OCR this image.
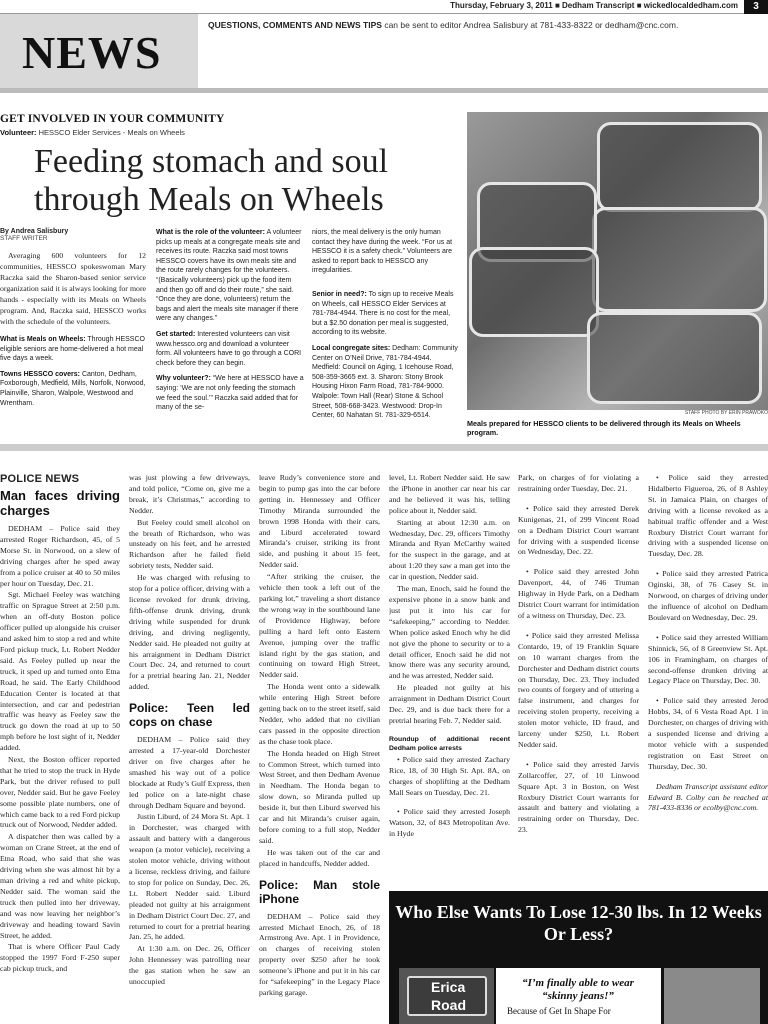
Thursday, February 3, 2011 ■ Dedham Transcript ■ wickedlocaldedham.com	3
NEWS
QUESTIONS, COMMENTS AND NEWS TIPS can be sent to editor Andrea Salisbury at 781-433-8322 or dedham@cnc.com.
GET INVOLVED IN YOUR COMMUNITY
Volunteer: HESSCO Elder Services - Meals on Wheels
Feeding stomach and soul through Meals on Wheels
STAFF PHOTO BY ERIN PRAWOKO
Meals prepared for HESSCO clients to be delivered through its Meals on Wheels program.
By Andrea Salisbury
STAFF WRITER
Averaging 600 volunteers for 12 communities, HESSCO spokeswoman Mary Raczka said the Sharon-based senior service organization said it is always looking for more hands - especially with its Meals on Wheels program. And, Raczka said, HESSCO works with the schedule of the volunteers.

What is Meals on Wheels: Through HESSCO eligible seniors are home-delivered a hot meal five days a week.

Towns HESSCO covers: Canton, Dedham, Foxborough, Medfield, Mills, Norfolk, Norwood, Plainville, Sharon, Walpole, Westwood and Wrentham.

What is the role of the volunteer: A volunteer picks up meals at a congregate meals site and receives its route. Raczka said most towns HESSCO covers have its own meals site and the route rarely changes for the volunteers. “(Basically volunteers) pick up the food item and then go off and do their route,” she said. “Once they are done, volunteers) return the bags and alert the meals site manager if there were any changes.”

Get started: Interested volunteers can visit www.hessco.org and download a volunteer form. All volunteers have to go through a CORI check before they can begin.

Why volunteer?: “We here at HESSCO have a saying: ‘We are not only feeding the stomach we feed the soul.’” Raczka said added that for many of the se-

niors, the meal delivery is the only human contact they have during the week. “For us at HESSCO it is a safety check.” Volunteers are asked to report back to HESSCO any irregularities.

Senior in need?: To sign up to receive Meals on Wheels, call HESSCO Elder Services at 781-784-4944. There is no cost for the meal, but a $2.50 donation per meal is suggested, according to its website.

Local congregate sites: Dedham: Community Center on O’Neil Drive, 781-784-4944. Medfield: Council on Aging, 1 Icehouse Road, 508-359-3665 ext. 3. Sharon: Stony Brook Housing Hixon Farm Road, 781-784-9000. Walpole: Town Hall (Rear) Stone & School Street, 508-668-3423. Westwood: Drop-In Center, 60 Nahatan St. 781-329-6514.

POLICE NEWS
Man faces driving charges

DEDHAM – Police said they arrested Roger Richardson, 45, of 5 Morse St. in Norwood, on a slew of driving charges after he sped away from a police cruiser at 40 to 50 miles per hour on Tuesday, Dec. 21.

Sgt. Michael Feeley was watching traffic on Sprague Street at 2:50 p.m. when an off-duty Boston police officer pulled up alongside his cruiser and asked him to stop a red and white Ford pickup truck, Lt. Robert Nedder said. As Feeley pulled up near the truck, it sped up and turned onto Etna Road, he said. The Early Childhood Education Center is located at that intersection, and car and pedestrian traffic was heavy as Feeley saw the truck go down the road at up to 50 mph before he lost sight of it, Nedder added.

Next, the Boston officer reported that he tried to stop the truck in Hyde Park, but the driver refused to pull over, Nedder said. But he gave Feeley some possible plate numbers, one of which came back to a red Ford pickup truck out of Norwood, Nedder added.

A dispatcher then was called by a woman on Crane Street, at the end of Etna Road, who said that she was driving when she was almost hit by a man driving a red and white pickup, Nedder said. The woman said the truck then pulled into her driveway, and was now leaving her neighbor’s driveway and heading toward Savin Street, he added.

That is where Officer Paul Cady stopped the 1997 Ford F-250 super cab pickup truck, and

was just plowing a few driveways, and told police, “Come on, give me a break, it’s Christmas,” according to Nedder.

But Feeley could smell alcohol on the breath of Richardson, who was unsteady on his feet, and he arrested Richardson after he failed field sobriety tests, Nedder said.

He was charged with refusing to stop for a police officer, driving with a license revoked for drunk driving, fifth-offense drunk driving, drunk driving while suspended for drunk driving, and driving negligently, Nedder said. He pleaded not guilty at his arraignment in Dedham District Court Dec. 24, and returned to court for a pretrial hearing Jan. 21, Nedder added.

Police: Teen led cops on chase

DEDHAM – Police said they arrested a 17-year-old Dorchester driver on five charges after he smashed his way out of a police blockade at Rudy’s Gulf Express, then led police on a late-night chase through Dedham Square and beyond.

Justin Liburd, of 24 Mora St. Apt. 1 in Dorchester, was charged with assault and battery with a dangerous weapon (a motor vehicle), receiving a stolen motor vehicle, driving without a license, reckless driving, and failure to stop for police on Sunday, Dec. 26, Lt. Robert Nedder said. Liburd pleaded not guilty at his arraignment in Dedham District Court Dec. 27, and returned to court for a pretrial hearing Jan. 25, he added.

At 1:30 a.m. on Dec. 26, Officer John Hennessey was patrolling near the gas station when he saw an unoccupied

leave Rudy’s convenience store and begin to pump gas into the car before getting in. Hennessey and Officer Timothy Miranda surrounded the brown 1998 Honda with their cars, and Liburd accelerated toward Miranda’s cruiser, striking its front side, and pushing it about 15 feet, Nedder said.

“After striking the cruiser, the vehicle then took a left out of the parking lot,” traveling a short distance the wrong way in the southbound lane of Providence Highway, before pulling a hard left onto Eastern Avenue, jumping over the traffic island right by the gas station, and continuing on toward High Street, Nedder said.

The Honda went onto a sidewalk while entering High Street before getting back on to the street itself, said Nedder, who added that no civilian cars passed in the opposite direction as the chase took place.

The Honda headed on High Street to Common Street, which turned into West Street, and then Dedham Avenue in Needham. The Honda began to slow down, so Miranda pulled up beside it, but then Liburd swerved his car and hit Miranda’s cruiser again, before coming to a full stop, Nedder said.

He was taken out of the car and placed in handcuffs, Nedder added.

Police: Man stole iPhone

DEDHAM – Police said they arrested Michael Enoch, 26, of 18 Armstrong Ave. Apt. 1 in Providence, on charges of receiving stolen property over $250 after he took someone’s iPhone and put it in his car for “safekeeping” in the Legacy Place parking garage.

level, Lt. Robert Nedder said. He saw the iPhone in another car near his car and he believed it was his, telling police about it, Nedder said.

Starting at about 12:30 a.m. on Wednesday, Dec. 29, officers Timothy Miranda and Ryan McCarthy waited for the suspect in the garage, and at about 1:20 they saw a man get into the car in question, Nedder said.

The man, Enoch, said he found the expensive phone in a snow bank and just put it into his car for “safekeeping,” according to Nedder. When police asked Enoch why he did not give the phone to security or to a detail officer, Enoch said he did not know there was any security around, and he was arrested, Nedder said.

He pleaded not guilty at his arraignment in Dedham District Court Dec. 29, and is due back there for a pretrial hearing Feb. 7, Nedder said.

Roundup of additional recent Dedham police arrests

• Police said they arrested Zachary Rice, 18, of 30 High St. Apt. 8A, on charges of shoplifting at the Dedham Mall Sears on Tuesday, Dec. 21.

• Police said they arrested Joseph Watson, 32, of 843 Metropolitan Ave. in Hyde

Park, on charges of for violating a restraining order Tuesday, Dec. 21.

• Police said they arrested Derek Kunigenas, 21, of 299 Vincent Road on a Dedham District Court warrant for driving with a suspended license on Wednesday, Dec. 22.

• Police said they arrested John Davenport, 44, of 746 Truman Highway in Hyde Park, on a Dedham District Court warrant for intimidation of a witness on Thursday, Dec. 23.

• Police said they arrested Melissa Contardo, 19, of 19 Franklin Square on 10 warrant charges from the Dorchester and Dedham district courts on Thursday, Dec. 23. They included two counts of forgery and of uttering a false instrument, and charges for receiving stolen property, receiving a stolen motor vehicle, ID fraud, and larceny under $250, Lt. Robert Nedder said.

• Police said they arrested Jarvis Zollarcoffer, 27, of 10 Linwood Square Apt. 3 in Boston, on West Roxbury District Court warrants for assault and battery and violating a restraining order on Thursday, Dec. 23.

• Police said they arrested Hidalberto Figueroa, 26, of 8 Ashley St. in Jamaica Plain, on charges of driving with a license revoked as a habitual traffic offender and a West Roxbury District Court warrant for driving with a suspended license on Tuesday, Dec. 28.

• Police said they arrested Patrica Oginski, 38, of 76 Casey St. in Norwood, on charges of driving under the influence of alcohol on Dedham Boulevard on Wednesday, Dec. 29.

• Police said they arrested William Shinnick, 56, of 8 Greenview St. Apt. 106 in Framingham, on charges of second-offense drunken driving at Legacy Place on Thursday, Dec. 30.

• Police said they arrested Jerod Hobbs, 34, of 6 Vesta Road Apt. 1 in Dorchester, on charges of driving with a suspended license and driving a motor vehicle with a suspended registration on East Street on Thursday, Dec. 30.

Dedham Transcript assistant editor Edward B. Colby can be reached at 781-433-8336 or ecolby@cnc.com.

Who Else Wants To Lose 12-30 lbs. In 12 Weeks Or Less?
Erica Road
“I’m finally able to wear “skinny jeans!”
Because of Get In Shape For
